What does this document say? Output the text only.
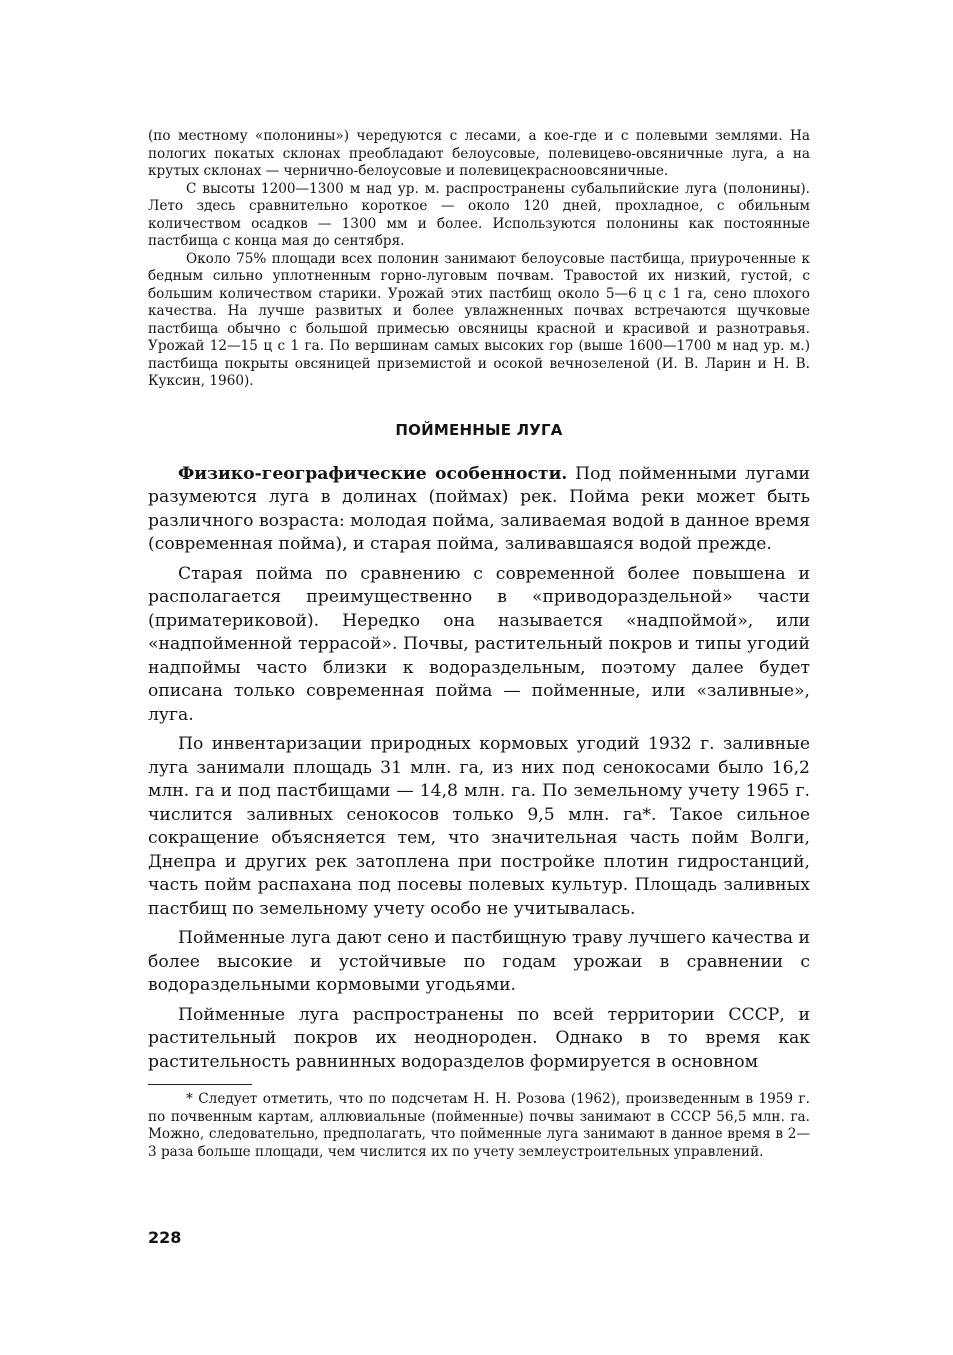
(по местному «полонины») чередуются с лесами, а кое-где и с полевыми землями. На пологих покатых склонах преобладают белоусовые, полевицево-овсяничные луга, а на крутых склонах — чернично-белоусовые и полевицекрасноовсяничные.

С высоты 1200—1300 м над ур. м. распространены субальпийские луга (полонины). Лето здесь сравнительно короткое — около 120 дней, прохладное, с обильным количеством осадков — 1300 мм и более. Используются полонины как постоянные пастбища с конца мая до сентября.

Около 75% площади всех полонин занимают белоусовые пастбища, приуроченные к бедным сильно уплотненным горно-луговым почвам. Травостой их низкий, густой, с большим количеством старики. Урожай этих пастбищ около 5—6 ц с 1 га, сено плохого качества. На лучше развитых и более увлажненных почвах встречаются щучковые пастбища обычно с большой примесью овсяницы красной и красивой и разнотравья. Урожай 12—15 ц с 1 га. По вершинам самых высоких гор (выше 1600—1700 м над ур. м.) пастбища покрыты овсяницей приземистой и осокой вечнозеленой (И. В. Ларин и Н. В. Куксин, 1960).

ПОЙМЕННЫЕ ЛУГА

Физико-географические особенности. Под пойменными лугами разумеются луга в долинах (поймах) рек. Пойма реки может быть различного возраста: молодая пойма, заливаемая водой в данное время (современная пойма), и старая пойма, заливавшаяся водой прежде.

Старая пойма по сравнению с современной более повышена и располагается преимущественно в «приводораздельной» части (приматериковой). Нередко она называется «надпоймой», или «надпойменной террасой». Почвы, растительный покров и типы угодий надпоймы часто близки к водораздельным, поэтому далее будет описана только современная пойма — пойменные, или «заливные», луга.

По инвентаризации природных кормовых угодий 1932 г. заливные луга занимали площадь 31 млн. га, из них под сенокосами было 16,2 млн. га и под пастбищами — 14,8 млн. га. По земельному учету 1965 г. числится заливных сенокосов только 9,5 млн. га*. Такое сильное сокращение объясняется тем, что значительная часть пойм Волги, Днепра и других рек затоплена при постройке плотин гидростанций, часть пойм распахана под посевы полевых культур. Площадь заливных пастбищ по земельному учету особо не учитывалась.

Пойменные луга дают сено и пастбищную траву лучшего качества и более высокие и устойчивые по годам урожаи в сравнении с водораздельными кормовыми угодьями.

Пойменные луга распространены по всей территории СССР, и растительный покров их неоднороден. Однако в то время как растительность равнинных водоразделов формируется в основном

* Следует отметить, что по подсчетам Н. Н. Розова (1962), произведенным в 1959 г. по почвенным картам, аллювиальные (пойменные) почвы занимают в СССР 56,5 млн. га. Можно, следовательно, предполагать, что пойменные луга занимают в данное время в 2—3 раза больше площади, чем числится их по учету землеустроительных управлений.

228
